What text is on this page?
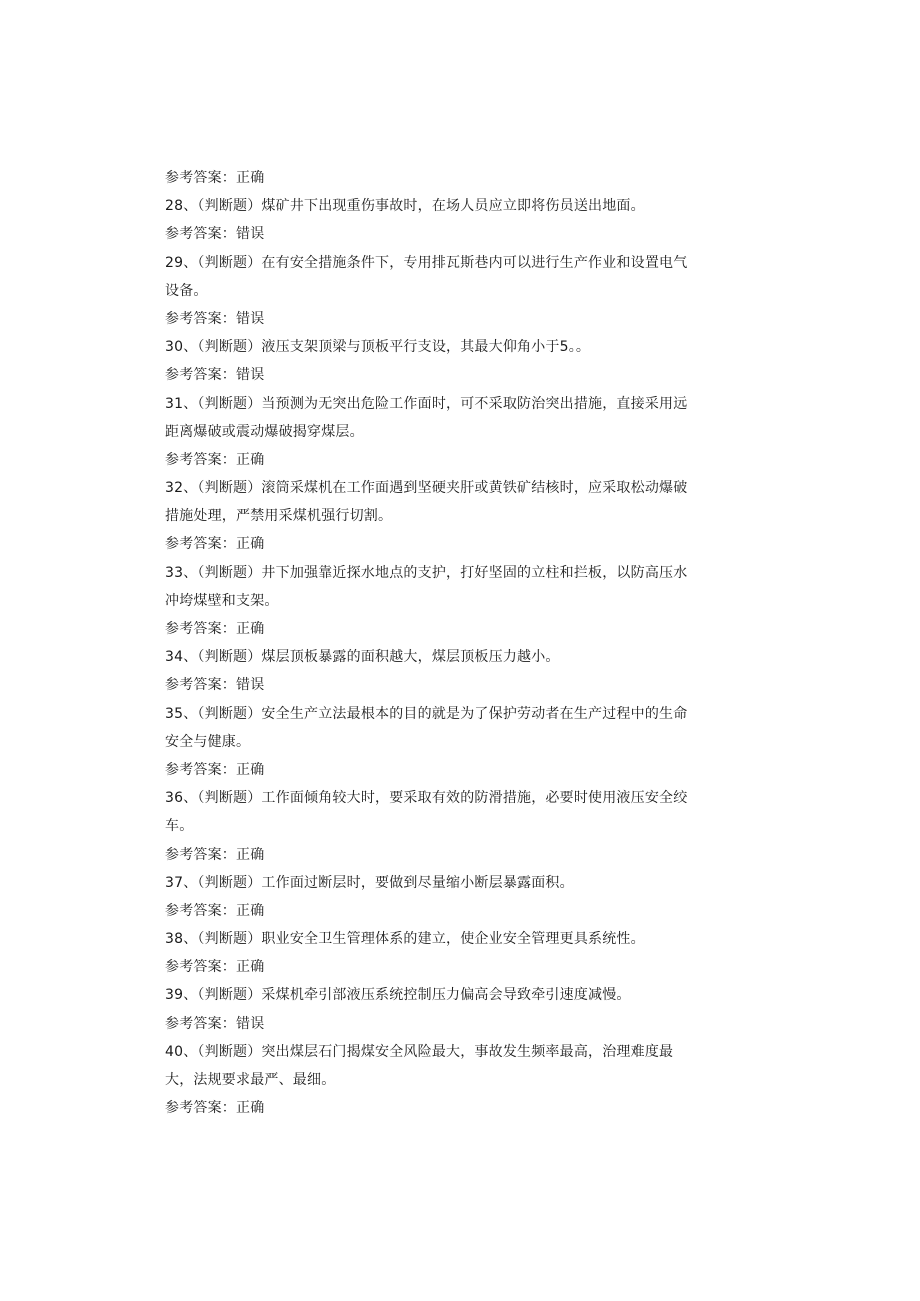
参考答案：正确
28、（判断题）煤矿井下出现重伤事故时，在场人员应立即将伤员送出地面。
参考答案：错误
29、（判断题）在有安全措施条件下，专用排瓦斯巷内可以进行生产作业和设置电气
设备。
参考答案：错误
30、（判断题）液压支架顶梁与顶板平行支设，其最大仰角小于5。。
参考答案：错误
31、（判断题）当预测为无突出危险工作面时，可不采取防治突出措施，直接采用远
距离爆破或震动爆破揭穿煤层。
参考答案：正确
32、（判断题）滚筒采煤机在工作面遇到坚硬夹肝或黄铁矿结核时，应采取松动爆破
措施处理，严禁用采煤机强行切割。
参考答案：正确
33、（判断题）井下加强靠近探水地点的支护，打好坚固的立柱和拦板，以防高压水
冲垮煤壁和支架。
参考答案：正确
34、（判断题）煤层顶板暴露的面积越大，煤层顶板压力越小。
参考答案：错误
35、（判断题）安全生产立法最根本的目的就是为了保护劳动者在生产过程中的生命
安全与健康。
参考答案：正确
36、（判断题）工作面倾角较大时，要采取有效的防滑措施，必要时使用液压安全绞
车。
参考答案：正确
37、（判断题）工作面过断层时，要做到尽量缩小断层暴露面积。
参考答案：正确
38、（判断题）职业安全卫生管理体系的建立，使企业安全管理更具系统性。
参考答案：正确
39、（判断题）采煤机牵引部液压系统控制压力偏高会导致牵引速度减慢。
参考答案：错误
40、（判断题）突出煤层石门揭煤安全风险最大，事故发生频率最高，治理难度最
大，法规要求最严、最细。
参考答案：正确
